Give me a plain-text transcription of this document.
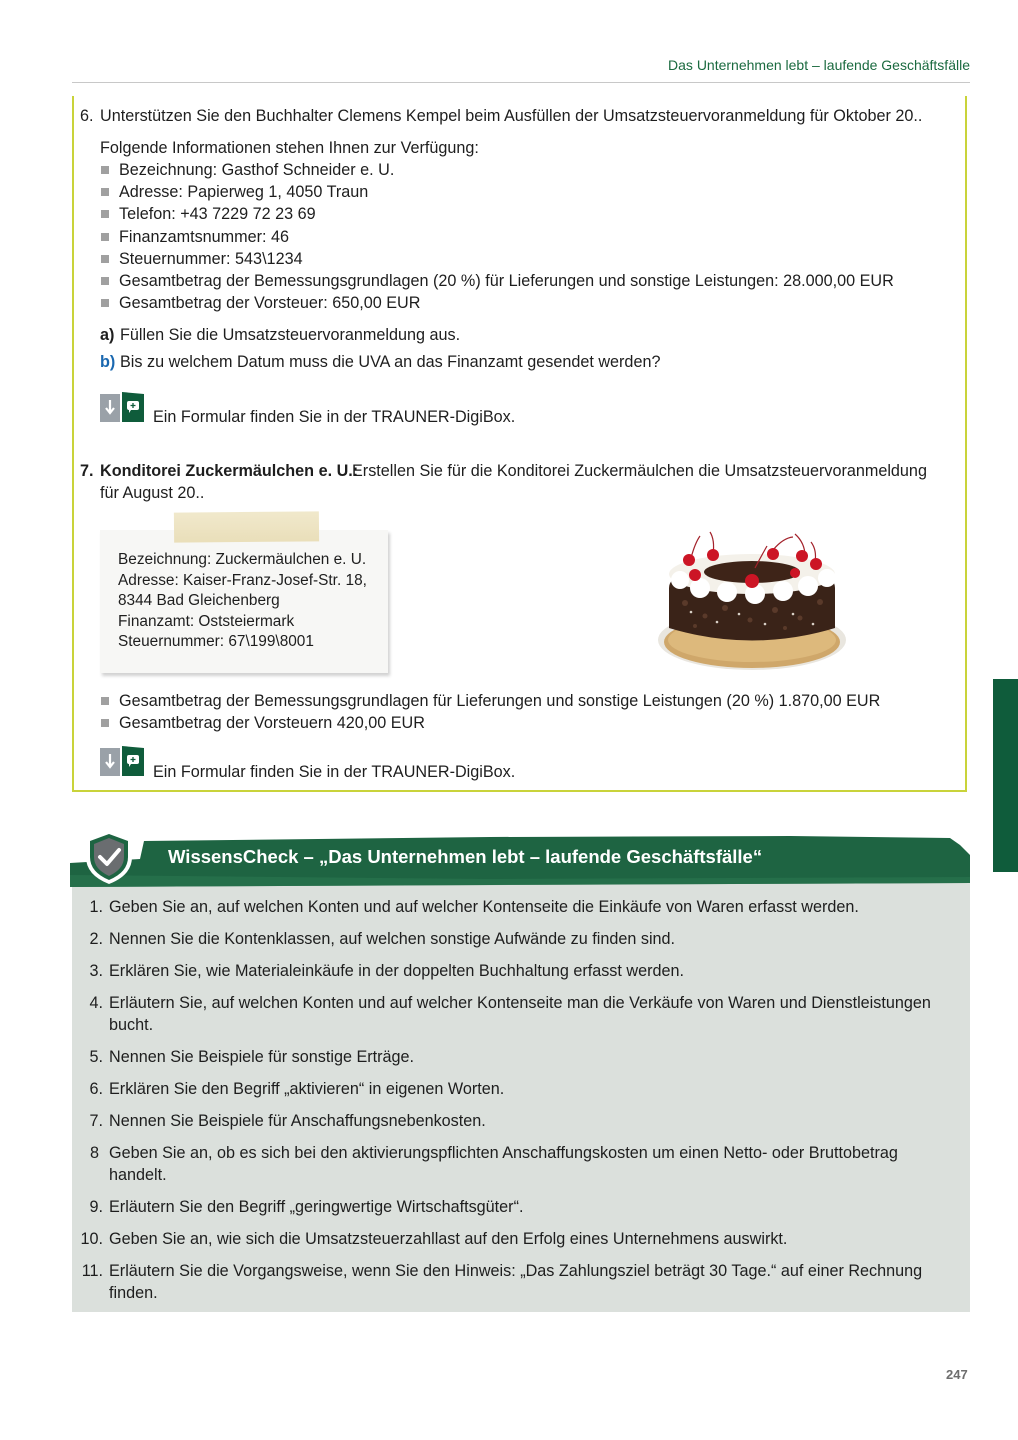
Das Unternehmen lebt – laufende Geschäftsfälle
6. Unterstützen Sie den Buchhalter Clemens Kempel beim Ausfüllen der Umsatzsteuervoranmeldung für Oktober 20..
Folgende Informationen stehen Ihnen zur Verfügung:
Bezeichnung: Gasthof Schneider e. U.
Adresse: Papierweg 1, 4050 Traun
Telefon: +43 7229 72 23 69
Finanzamtsnummer: 46
Steuernummer: 543\1234
Gesamtbetrag der Bemessungsgrundlagen (20 %) für Lieferungen und sonstige Leistungen: 28.000,00 EUR
Gesamtbetrag der Vorsteuer: 650,00 EUR
a) Füllen Sie die Umsatzsteuervoranmeldung aus.
b) Bis zu welchem Datum muss die UVA an das Finanzamt gesendet werden?
Ein Formular finden Sie in der TRAUNER-DigiBox.
7. Konditorei Zuckermäulchen e. U.:
Erstellen Sie für die Konditorei Zuckermäulchen die Umsatzsteuervoranmeldung
für August 20..
Bezeichnung: Zuckermäulchen e. U.
Adresse: Kaiser-Franz-Josef-Str. 18,
8344 Bad Gleichenberg
Finanzamt: Oststeiermark
Steuernummer: 67\199\8001
Gesamtbetrag der Bemessungsgrundlagen für Lieferungen und sonstige Leistungen (20 %) 1.870,00 EUR
Gesamtbetrag der Vorsteuern 420,00 EUR
Ein Formular finden Sie in der TRAUNER-DigiBox.
WissensCheck – „Das Unternehmen lebt – laufende Geschäftsfälle“
1. Geben Sie an, auf welchen Konten und auf welcher Kontenseite die Einkäufe von Waren erfasst werden.
2. Nennen Sie die Kontenklassen, auf welchen sonstige Aufwände zu finden sind.
3. Erklären Sie, wie Materialeinkäufe in der doppelten Buchhaltung erfasst werden.
4. Erläutern Sie, auf welchen Konten und auf welcher Kontenseite man die Verkäufe von Waren und Dienstleistungen bucht.
5. Nennen Sie Beispiele für sonstige Erträge.
6. Erklären Sie den Begriff „aktivieren“ in eigenen Worten.
7. Nennen Sie Beispiele für Anschaffungsnebenkosten.
8 Geben Sie an, ob es sich bei den aktivierungspflichten Anschaffungskosten um einen Netto- oder Bruttobetrag handelt.
9. Erläutern Sie den Begriff „geringwertige Wirtschaftsgüter“.
10. Geben Sie an, wie sich die Umsatzsteuerzahllast auf den Erfolg eines Unternehmens auswirkt.
11. Erläutern Sie die Vorgangsweise, wenn Sie den Hinweis: „Das Zahlungsziel beträgt 30 Tage.“ auf einer Rechnung finden.
247
